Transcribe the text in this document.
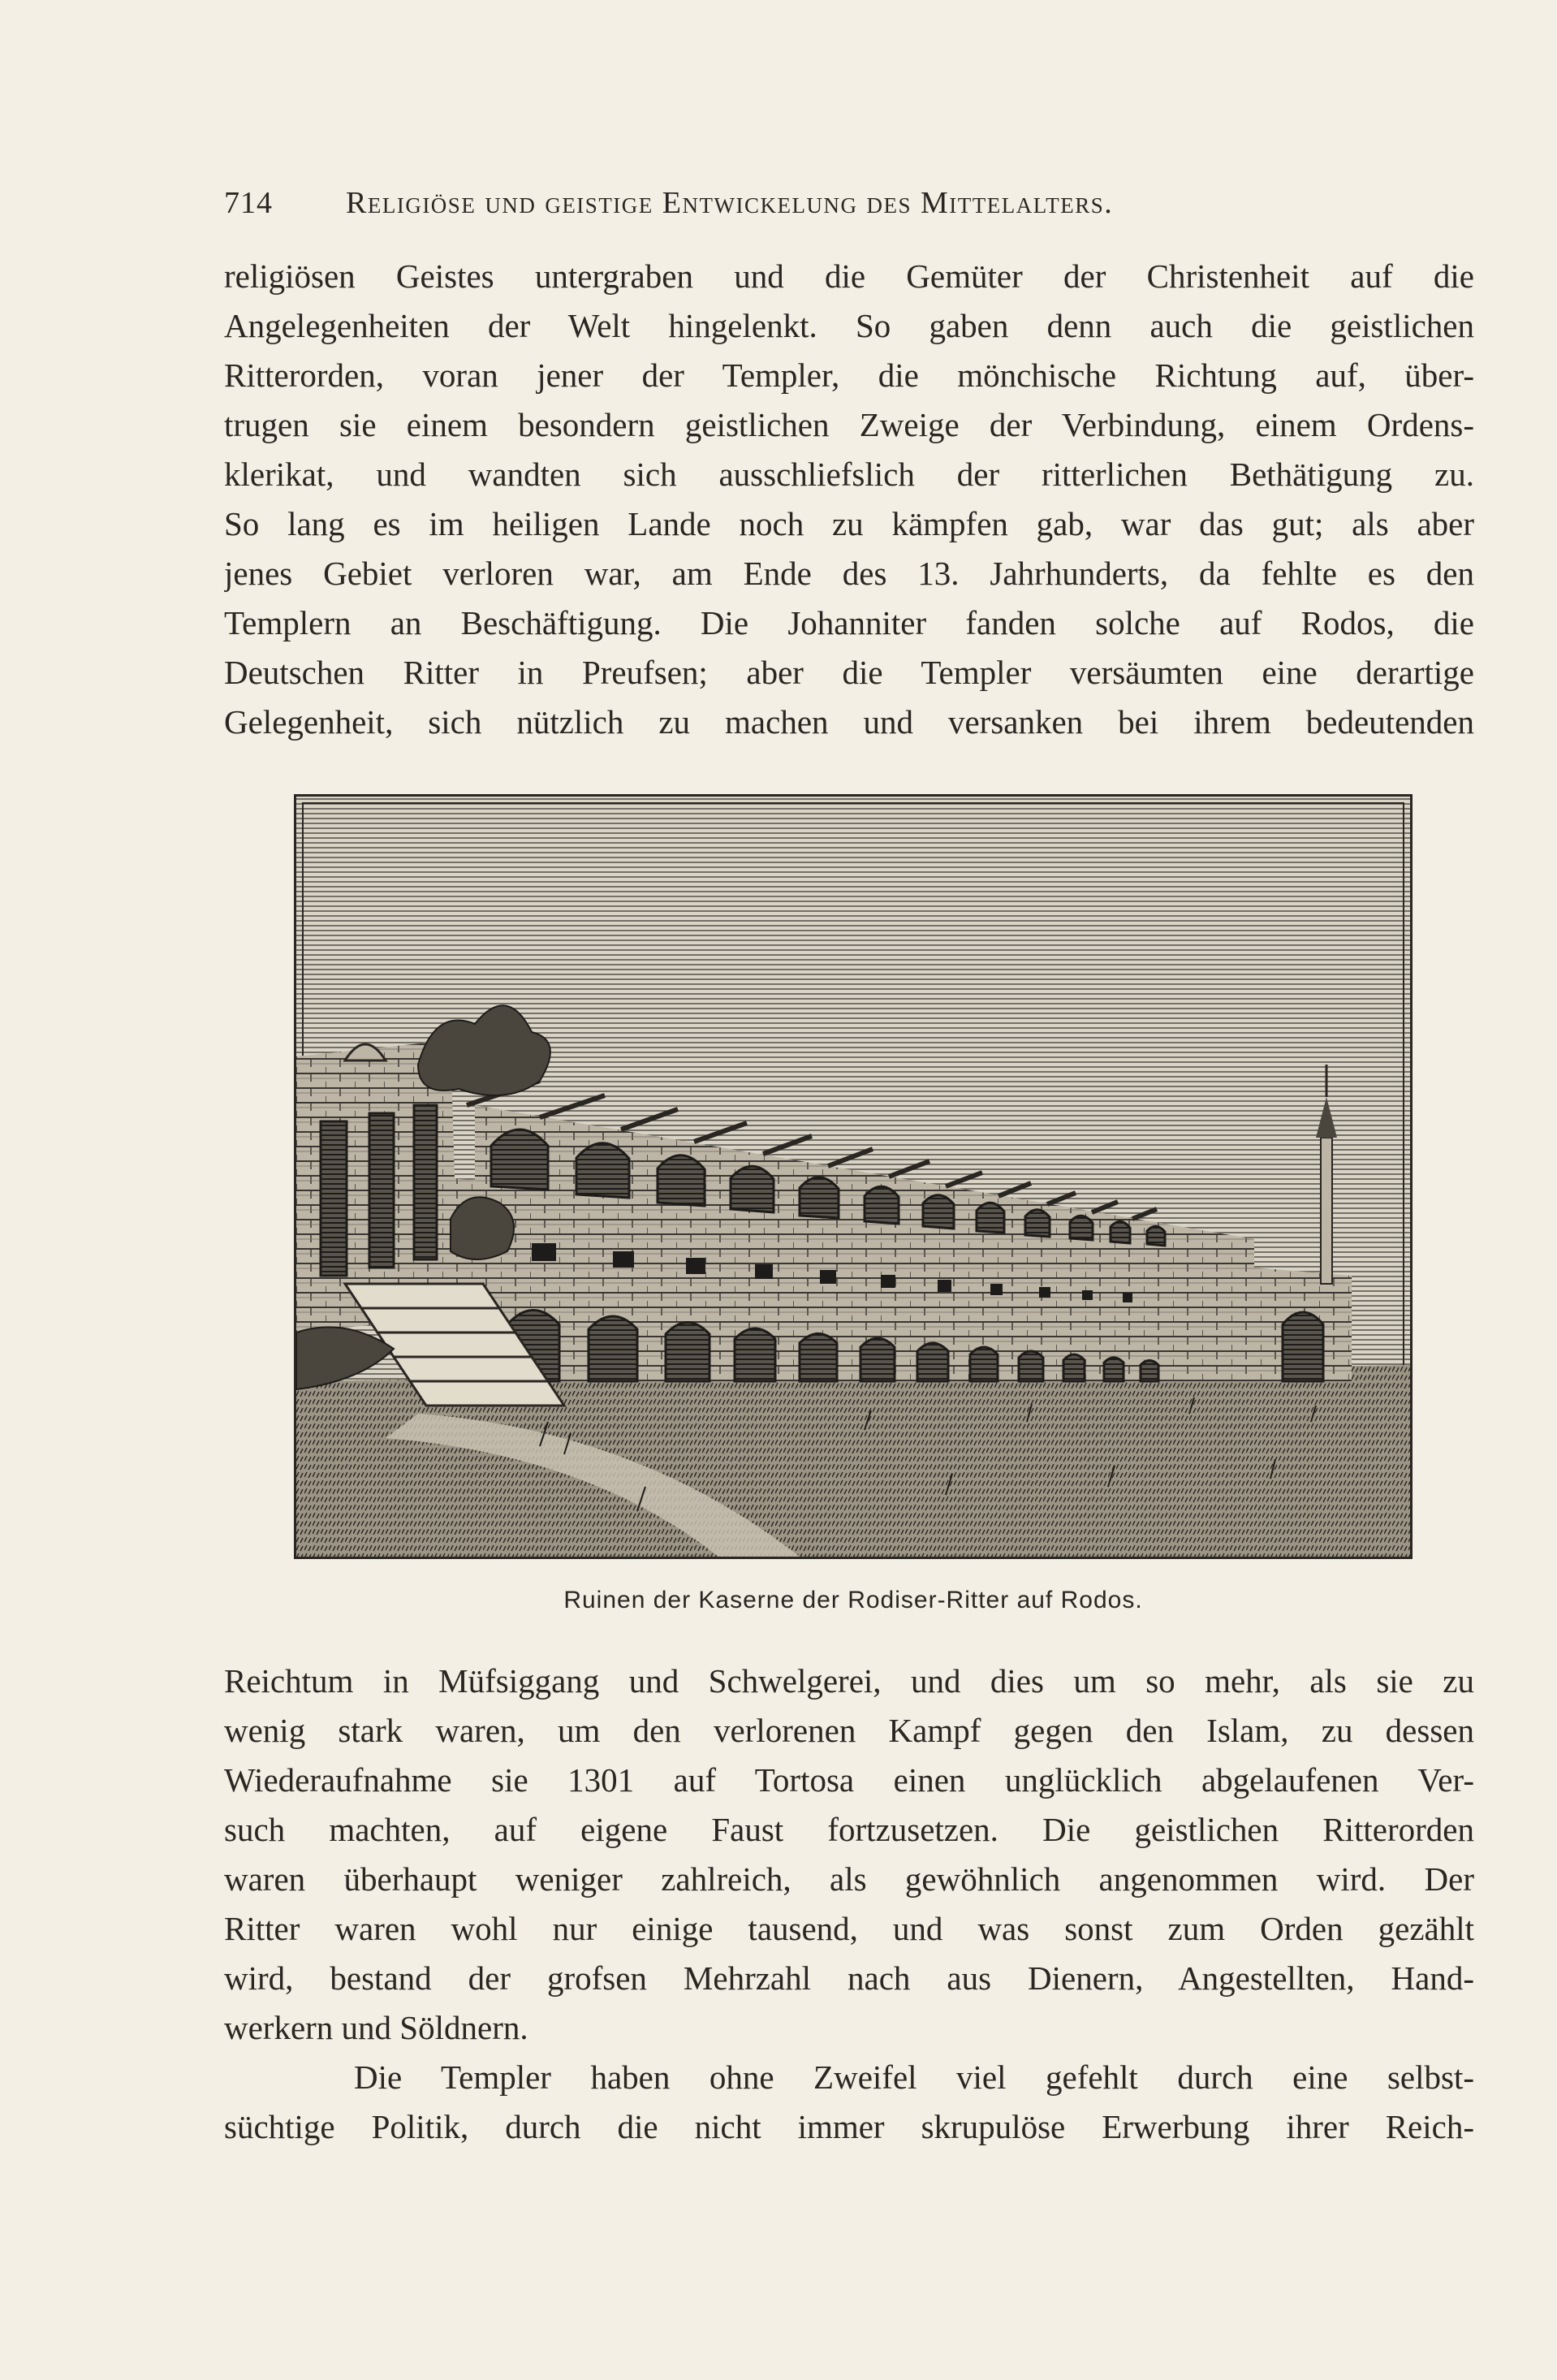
714 Religiöse und geistige Entwickelung des Mittelalters.

religiösen Geistes untergraben und die Gemüter der Christenheit auf die

Angelegenheiten der Welt hingelenkt. So gaben denn auch die geistlichen

Ritterorden, voran jener der Templer, die mönchische Richtung auf, über-

trugen sie einem besondern geistlichen Zweige der Verbindung, einem Ordens-

klerikat, und wandten sich ausschliefslich der ritterlichen Bethätigung zu.

So lang es im heiligen Lande noch zu kämpfen gab, war das gut; als aber

jenes Gebiet verloren war, am Ende des 13. Jahrhunderts, da fehlte es den

Templern an Beschäftigung. Die Johanniter fanden solche auf Rodos, die

Deutschen Ritter in Preufsen; aber die Templer versäumten eine derartige

Gelegenheit, sich nützlich zu machen und versanken bei ihrem bedeutenden

Ruinen der Kaserne der Rodiser-Ritter auf Rodos.

Reichtum in Müfsiggang und Schwelgerei, und dies um so mehr, als sie zu

wenig stark waren, um den verlorenen Kampf gegen den Islam, zu dessen

Wiederaufnahme sie 1301 auf Tortosa einen unglücklich abgelaufenen Ver-

such machten, auf eigene Faust fortzusetzen. Die geistlichen Ritterorden

waren überhaupt weniger zahlreich, als gewöhnlich angenommen wird. Der

Ritter waren wohl nur einige tausend, und was sonst zum Orden gezählt

wird, bestand der grofsen Mehrzahl nach aus Dienern, Angestellten, Hand-

werkern und Söldnern.

Die Templer haben ohne Zweifel viel gefehlt durch eine selbst-

süchtige Politik, durch die nicht immer skrupulöse Erwerbung ihrer Reich-
